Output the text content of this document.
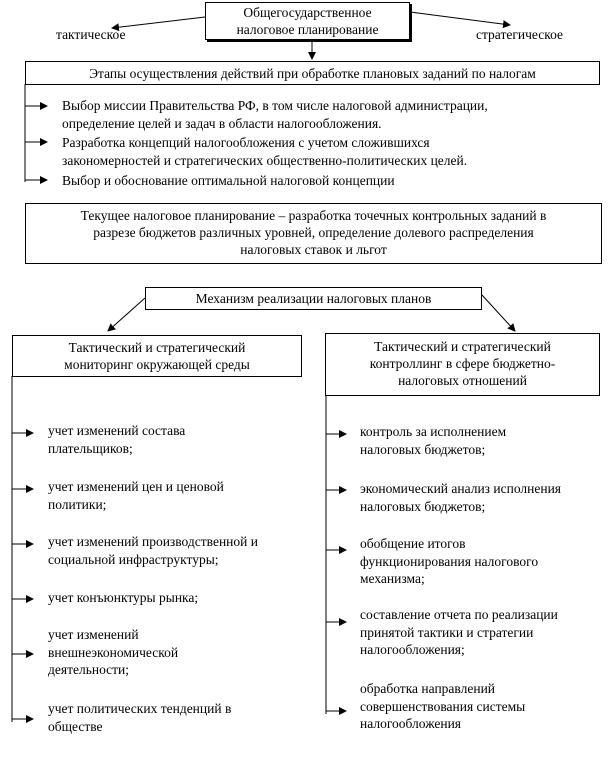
Общегосударственное
налоговое планирование
тактическое	стратегическое
Этапы осуществления действий при обработке плановых заданий по налогам
Выбор миссии Правительства РФ, в том числе налоговой администрации,
определение целей и задач в области налогообложения.
Разработка концепций налогообложения с учетом сложившихся
закономерностей и стратегических общественно-политических целей.
Выбор и обоснование оптимальной налоговой концепции
Текущее налоговое планирование – разработка точечных контрольных заданий в
разрезе бюджетов различных уровней, определение долевого распределения
налоговых ставок и льгот
Механизм реализации налоговых планов
Тактический и стратегический
мониторинг окружающей среды
Тактический и стратегический
контроллинг в сфере бюджетно-
налоговых отношений
учет изменений состава
плательщиков;
учет изменений цен и ценовой
политики;
учет изменений производственной и
социальной инфраструктуры;
учет конъюнктуры рынка;
учет изменений
внешнеэкономической
деятельности;
учет политических тенденций в
обществе
контроль за исполнением
налоговых бюджетов;
экономический анализ исполнения
налоговых бюджетов;
обобщение итогов
функционирования налогового
механизма;
составление отчета по реализации
принятой тактики и стратегии
налогообложения;
обработка направлений
совершенствования системы
налогообложения
